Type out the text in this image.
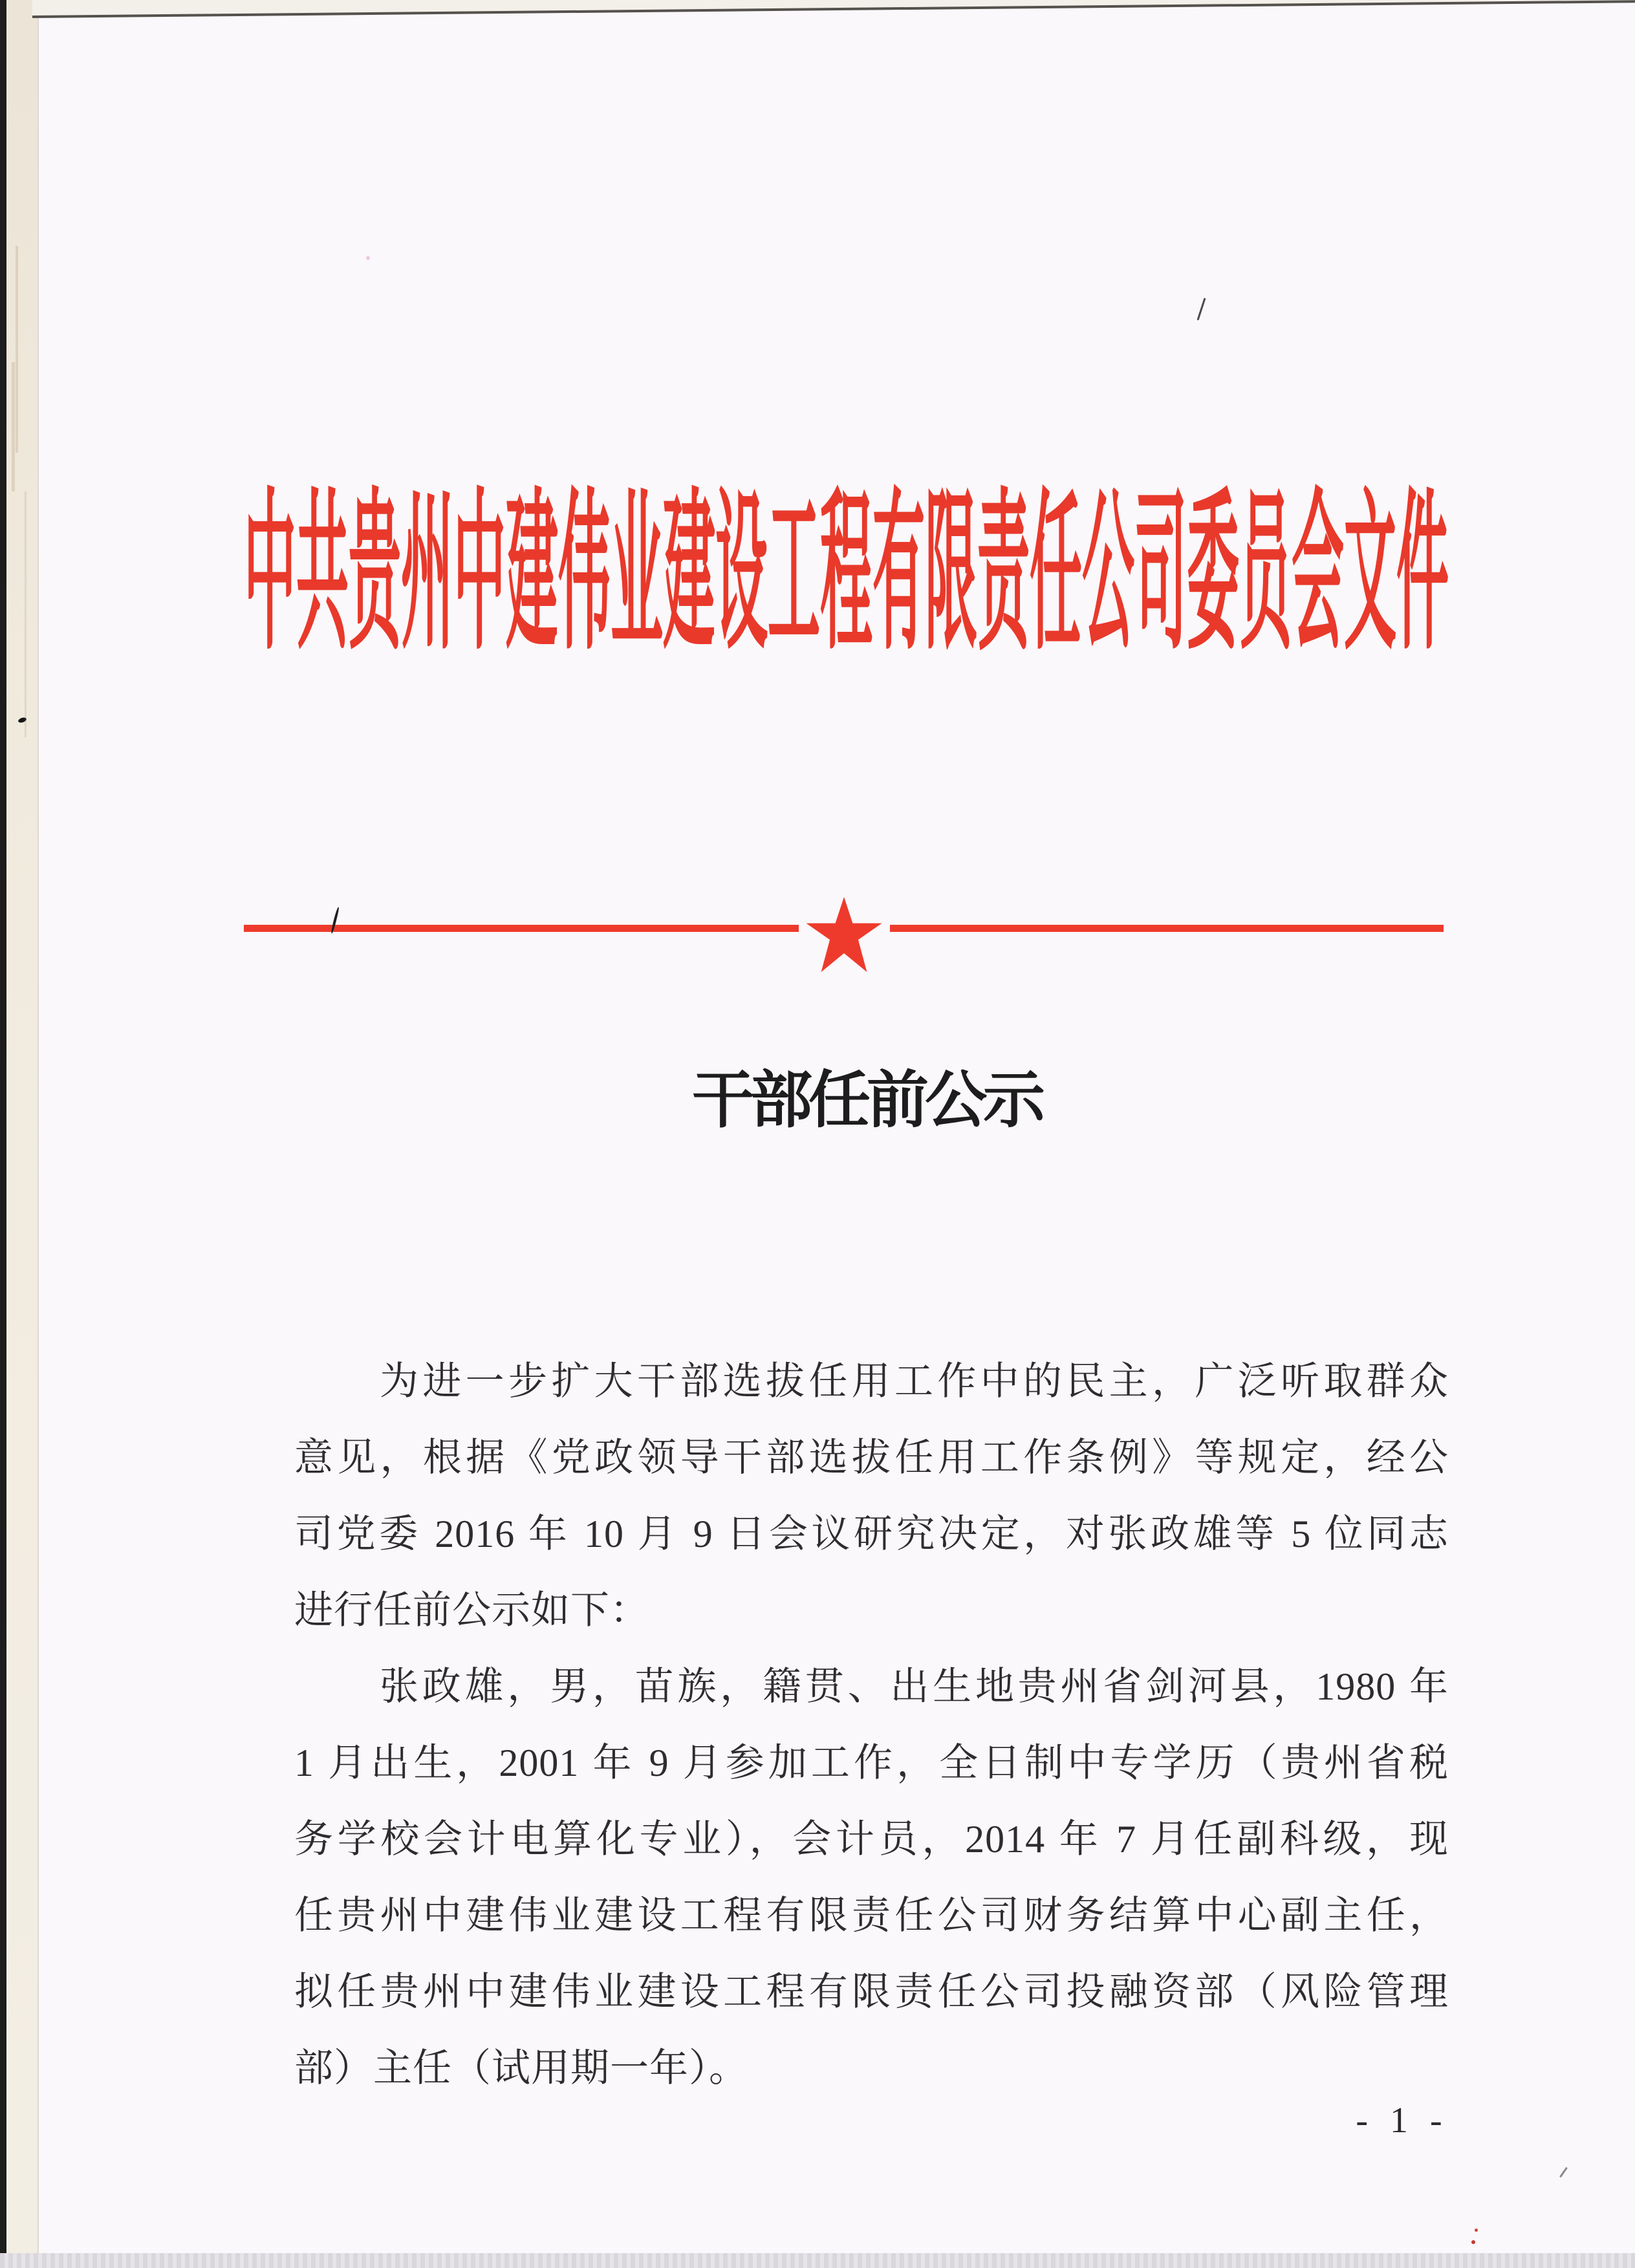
中共贵州中建伟业建设工程有限责任公司委员会文件
干部任前公示
为进一步扩大干部选拔任用工作中的民主，广泛听取群众
意见，根据《党政领导干部选拔任用工作条例》等规定，经公
司党委 2016 年 10 月 9 日会议研究决定，对张政雄等 5 位同志
进行任前公示如下：
张政雄，男，苗族，籍贯、出生地贵州省剑河县，1980 年
1 月出生，2001 年 9 月参加工作，全日制中专学历（贵州省税
务学校会计电算化专业），会计员，2014 年 7 月任副科级，现
任贵州中建伟业建设工程有限责任公司财务结算中心副主任，
拟任贵州中建伟业建设工程有限责任公司投融资部（风险管理
部）主任（试用期一年）。
- 1 -
